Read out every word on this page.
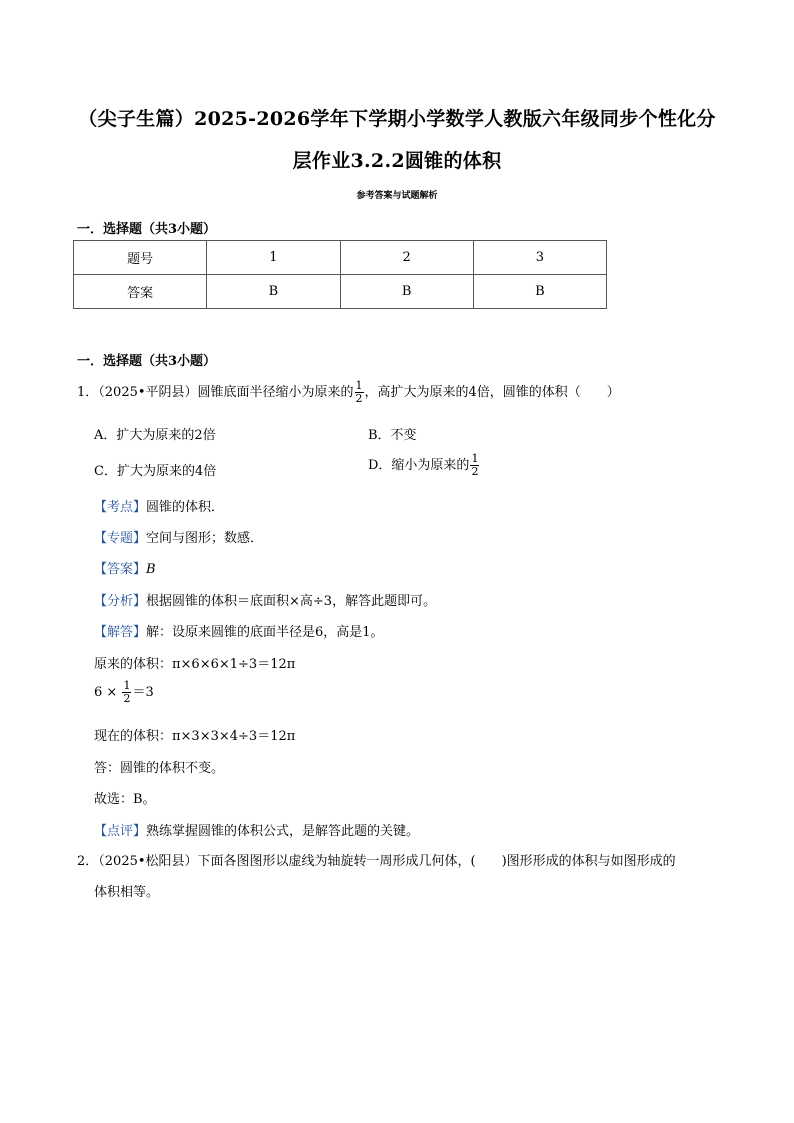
（尖子生篇）2025-2026学年下学期小学数学人教版六年级同步个性化分
层作业3.2.2圆锥的体积
参考答案与试题解析
一．选择题（共3小题）
题号	1	2	3
答案	B	B	B
一．选择题（共3小题）
1．（2025•平阴县）圆锥底面半径缩小为原来的 $\frac{1}{2}$ ，高扩大为原来的4倍，圆锥的体积（　　）
A．扩大为原来的2倍	B．不变
C．扩大为原来的4倍	D．缩小为原来的 $\frac{1}{2}$
【考点】圆锥的体积．
【专题】空间与图形；数感．
【答案】B
【分析】根据圆锥的体积＝底面积×高÷3，解答此题即可。
【解答】解：设原来圆锥的底面半径是6，高是1。
原来的体积：π×6×6×1÷3＝12π
$6 \times \frac{1}{2} =3$
现在的体积：π×3×3×4÷3＝12π
答：圆锥的体积不变。
故选：B。
【点评】熟练掌握圆锥的体积公式，是解答此题的关键。
2．（2025•松阳县）下面各图图形以虚线为轴旋转一周形成几何体，(　　)图形形成的体积与如图形成的
体积相等。
